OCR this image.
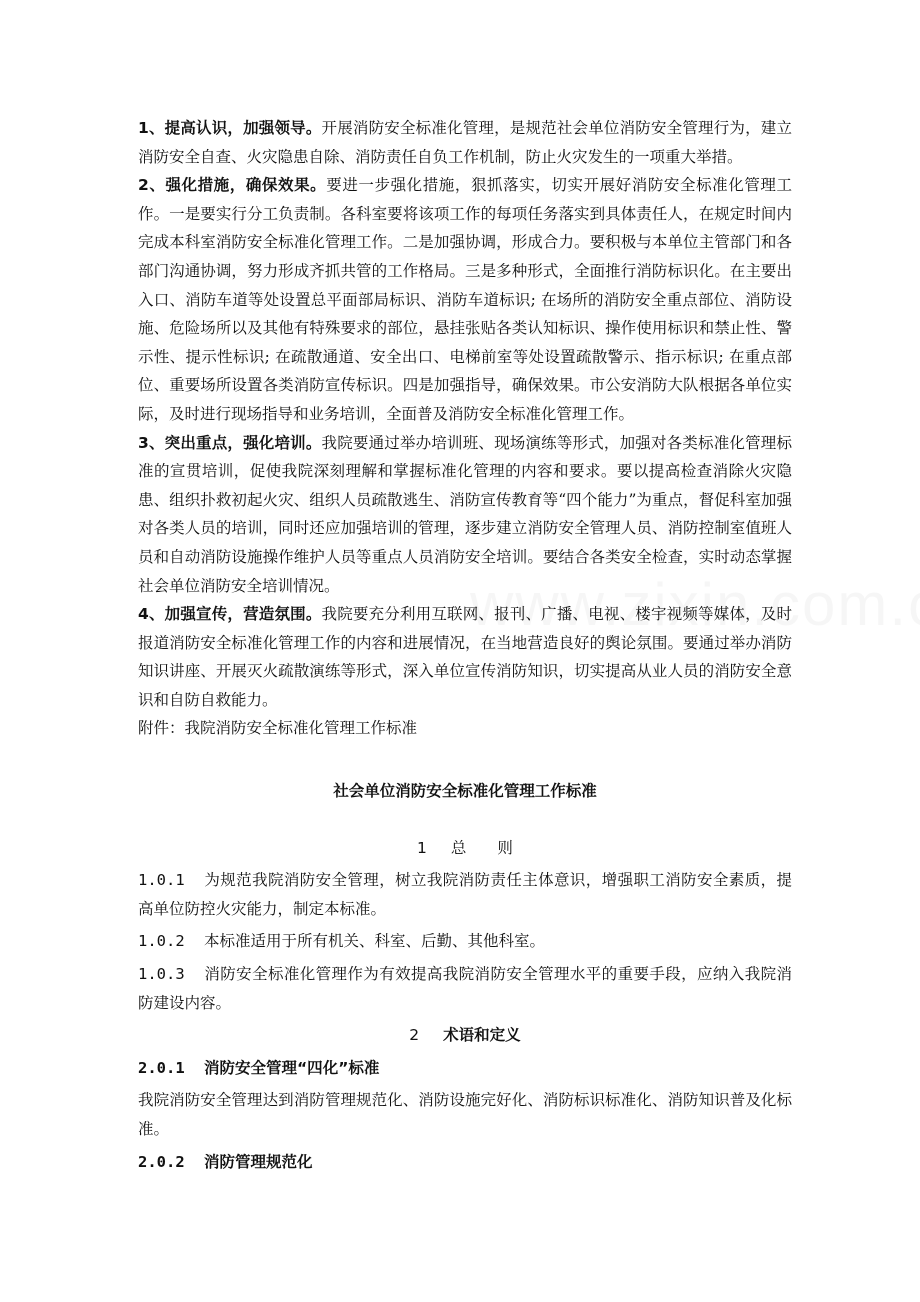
1、提高认识，加强领导。开展消防安全标准化管理，是规范社会单位消防安全管理行为，建立消防安全自查、火灾隐患自除、消防责任自负工作机制，防止火灾发生的一项重大举措。

2、强化措施，确保效果。要进一步强化措施，狠抓落实，切实开展好消防安全标准化管理工作。一是要实行分工负责制。各科室要将该项工作的每项任务落实到具体责任人，在规定时间内完成本科室消防安全标准化管理工作。二是加强协调，形成合力。要积极与本单位主管部门和各部门沟通协调，努力形成齐抓共管的工作格局。三是多种形式，全面推行消防标识化。在主要出入口、消防车道等处设置总平面部局标识、消防车道标识; 在场所的消防安全重点部位、消防设施、危险场所以及其他有特殊要求的部位，悬挂张贴各类认知标识、操作使用标识和禁止性、警示性、提示性标识; 在疏散通道、安全出口、电梯前室等处设置疏散警示、指示标识; 在重点部位、重要场所设置各类消防宣传标识。四是加强指导，确保效果。市公安消防大队根据各单位实际，及时进行现场指导和业务培训，全面普及消防安全标准化管理工作。

3、突出重点，强化培训。我院要通过举办培训班、现场演练等形式，加强对各类标准化管理标准的宣贯培训，促使我院深刻理解和掌握标准化管理的内容和要求。要以提高检查消除火灾隐患、组织扑救初起火灾、组织人员疏散逃生、消防宣传教育等“四个能力”为重点，督促科室加强对各类人员的培训，同时还应加强培训的管理，逐步建立消防安全管理人员、消防控制室值班人员和自动消防设施操作维护人员等重点人员消防安全培训。要结合各类安全检查，实时动态掌握社会单位消防安全培训情况。

4、加强宣传，营造氛围。我院要充分利用互联网、报刊、广播、电视、楼宇视频等媒体，及时报道消防安全标准化管理工作的内容和进展情况，在当地营造良好的舆论氛围。要通过举办消防知识讲座、开展灭火疏散演练等形式，深入单位宣传消防知识，切实提高从业人员的消防安全意识和自防自救能力。

附件：我院消防安全标准化管理工作标准

社会单位消防安全标准化管理工作标准
1 总　　则

1.0.1 为规范我院消防安全管理，树立我院消防责任主体意识，增强职工消防安全素质，提高单位防控火灾能力，制定本标准。

1.0.2 本标准适用于所有机关、科室、后勤、其他科室。

1.0.3 消防安全标准化管理作为有效提高我院消防安全管理水平的重要手段，应纳入我院消防建设内容。

2 术语和定义

2.0.1 消防安全管理“四化”标准

我院消防安全管理达到消防管理规范化、消防设施完好化、消防标识标准化、消防知识普及化标准。

2.0.2 消防管理规范化
